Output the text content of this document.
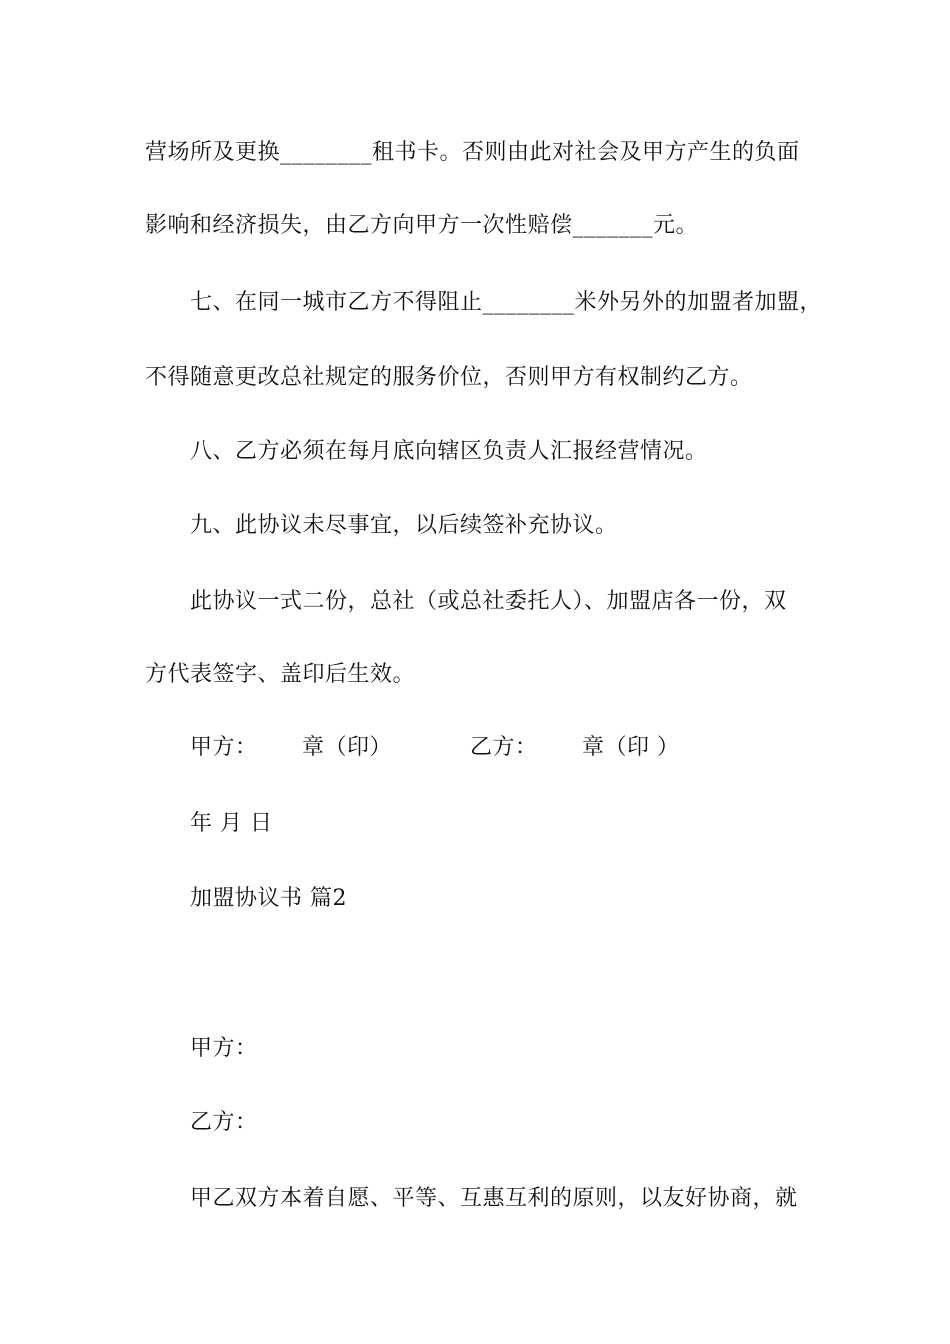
营场所及更换________租书卡。否则由此对社会及甲方产生的负面
影响和经济损失，由乙方向甲方一次性赔偿_______元。
七、在同一城市乙方不得阻止________米外另外的加盟者加盟，
不得随意更改总社规定的服务价位，否则甲方有权制约乙方。
八、乙方必须在每月底向辖区负责人汇报经营情况。
九、此协议未尽事宜，以后续签补充协议。
此协议一式二份，总社（或总社委托人）、加盟店各一份，双
方代表签字、盖印后生效。
甲方： 章（印）	乙方： 章（印 ）
年 月 日
加盟协议书 篇2
甲方：
乙方：
甲乙双方本着自愿、平等、互惠互利的原则，以友好协商，就
